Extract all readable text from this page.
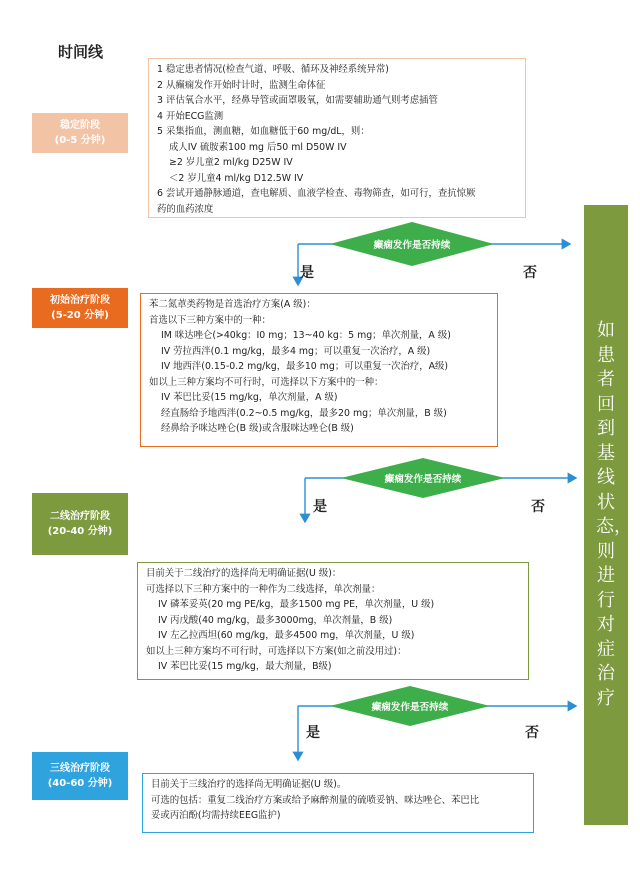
时间线
稳定阶段
(0-5 分钟)
初始治疗阶段
(5-20 分钟)
二线治疗阶段
(20-40 分钟)
三线治疗阶段
(40-60 分钟)
1 稳定患者情况(检查气道、呼吸、循环及神经系统异常)
2 从癫痫发作开始时计时，监测生命体征
3 评估氧合水平，经鼻导管或面罩吸氧，如需要辅助通气则考虑插管
4 开始ECG监测
5 采集指血，测血糖，如血糖低于60 mg/dL，则：
成人IV 硫胺素100 mg 后50 ml D50W IV
≥2 岁儿童2 ml/kg D25W IV
＜2 岁儿童4 ml/kg D12.5W IV
6 尝试开通静脉通道，查电解质、血液学检查、毒物筛查，如可行，查抗惊厥
药的血药浓度
癫痫发作是否持续
是	否
苯二氮䓬类药物是首选治疗方案(A 级)：
首选以下三种方案中的一种：
IM 咪达唑仑(>40kg：I0 mg；13~40 kg：5 mg；单次剂量，A 级)
IV 劳拉西泮(0.1 mg/kg，最多4 mg；可以重复一次治疗，A 级)
IV 地西泮(0.15-0.2 mg/kg，最多10 mg；可以重复一次治疗，A级)
如以上三种方案均不可行时，可选择以下方案中的一种：
IV 苯巴比妥(15 mg/kg，单次剂量，A 级)
经直肠给予地西泮(0.2~0.5 mg/kg，最多20 mg；单次剂量，B 级)
经鼻给予咪达唑仑(B 级)或含服咪达唑仑(B 级)
癫痫发作是否持续
是	否
目前关于二线治疗的选择尚无明确证据(U 级)：
可选择以下三种方案中的一种作为二线选择，单次剂量：
IV 磷苯妥英(20 mg PE/kg，最多1500 mg PE，单次剂量，U 级)
IV 丙戊酸(40 mg/kg，最多3000mg，单次剂量，B 级)
IV 左乙拉西坦(60 mg/kg，最多4500 mg，单次剂量，U 级)
如以上三种方案均不可行时，可选择以下方案(如之前没用过)：
IV 苯巴比妥(15 mg/kg，最大剂量，B级)
癫痫发作是否持续
是	否
目前关于三线治疗的选择尚无明确证据(U 级)。
可选的包括：重复二线治疗方案或给予麻醉剂量的硫喷妥钠、咪达唑仑、苯巴比
妥或丙泊酚(均需持续EEG监护)
如患者回到基线状态，则进行对症治疗
